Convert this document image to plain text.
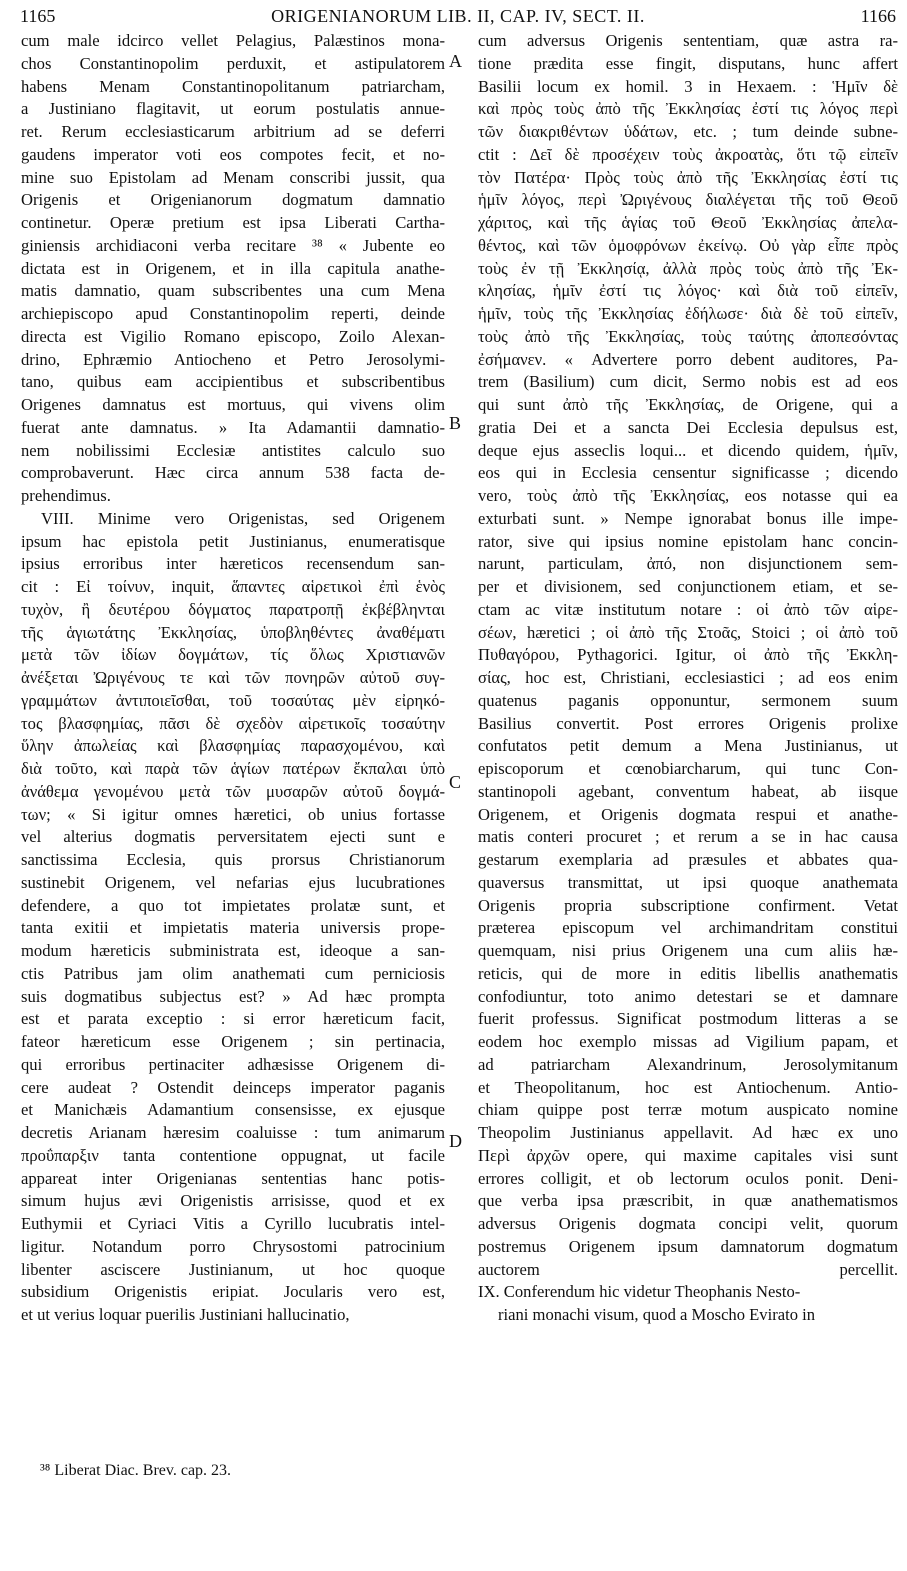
1165	ORIGENIANORUM LIB. II, CAP. IV, SECT. II.	1166
cum male idcirco vellet Pelagius, Palæstinos mona-
chos Constantinopolim perduxit, et astipulatorem
habens Menam Constantinopolitanum patriarcham,
a Justiniano flagitavit, ut eorum postulatis annue-
ret. Rerum ecclesiasticarum arbitrium ad se deferri
gaudens imperator voti eos compotes fecit, et no-
mine suo Epistolam ad Menam conscribi jussit, qua
Origenis et Origenianorum dogmatum damnatio
continetur. Operæ pretium est ipsa Liberati Cartha-
giniensis archidiaconi verba recitare ³⁸ « Jubente eo
dictata est in Origenem, et in illa capitula anathe-
matis damnatio, quam subscribentes una cum Mena
archiepiscopo apud Constantinopolim reperti, deinde
directa est Vigilio Romano episcopo, Zoilo Alexan-
drino, Ephræmio Antiocheno et Petro Jerosolymi-
tano, quibus eam accipientibus et subscribentibus
Origenes damnatus est mortuus, qui vivens olim
fuerat ante damnatus. » Ita Adamantii damnatio-
nem nobilissimi Ecclesiæ antistites calculo suo
comprobaverunt. Hæc circa annum 538 facta de-
prehendimus.
VIII. Minime vero Origenistas, sed Origenem
ipsum hac epistola petit Justinianus, enumeratisque
ipsius erroribus inter hæreticos recensendum san-
cit : Εἰ τοίνυν, inquit, ἅπαντες αἱρετικοὶ ἐπὶ ἑνὸς
τυχὸν, ἢ δευτέρου δόγματος παρατροπῇ ἐκβέβληνται
τῆς ἁγιωτάτης Ἐκκλησίας, ὑποβληθέντες ἀναθέματι
μετὰ τῶν ἰδίων δογμάτων, τίς ὅλως Χριστιανῶν
ἀνέξεται Ὠριγένους τε καὶ τῶν πονηρῶν αὐτοῦ συγ-
γραμμάτων ἀντιποιεῖσθαι, τοῦ τοσαύτας μὲν εἰρηκό-
τος βλασφημίας, πᾶσι δὲ σχεδὸν αἱρετικοῖς τοσαύτην
ὕλην ἀπωλείας καὶ βλασφημίας παρασχομένου, καὶ
διὰ τοῦτο, καὶ παρὰ τῶν ἁγίων πατέρων ἔκπαλαι ὑπὸ
ἀνάθεμα γενομένου μετὰ τῶν μυσαρῶν αὐτοῦ δογμά-
των; « Si igitur omnes hæretici, ob unius fortasse
vel alterius dogmatis perversitatem ejecti sunt e
sanctissima Ecclesia, quis prorsus Christianorum
sustinebit Origenem, vel nefarias ejus lucubrationes
defendere, a quo tot impietates prolatæ sunt, et
tanta exitii et impietatis materia universis prope-
modum hæreticis subministrata est, ideoque a san-
ctis Patribus jam olim anathemati cum perniciosis
suis dogmatibus subjectus est? » Ad hæc prompta
est et parata exceptio : si error hæreticum facit,
fateor hæreticum esse Origenem ; sin pertinacia,
qui erroribus pertinaciter adhæsisse Origenem di-
cere audeat ? Ostendit deinceps imperator paganis
et Manichæis Adamantium consensisse, ex ejusque
decretis Arianam hæresim coaluisse : tum animarum
προΰπαρξιν tanta contentione oppugnat, ut facile
appareat inter Origenianas sententias hanc potis-
simum hujus ævi Origenistis arrisisse, quod et ex
Euthymii et Cyriaci Vitis a Cyrillo lucubratis intel-
ligitur. Notandum porro Chrysostomi patrocinium
libenter asciscere Justinianum, ut hoc quoque
subsidium Origenistis eripiat. Jocularis vero est,
et ut verius loquar puerilis Justiniani hallucinatio,
cum adversus Origenis sententiam, quæ astra ra-
tione prædita esse fingit, disputans, hunc affert
Basilii locum ex homil. 3 in Hexaem. : Ἡμῖν δὲ
καὶ πρὸς τοὺς ἀπὸ τῆς Ἐκκλησίας ἐστί τις λόγος περὶ
τῶν διακριθέντων ὑδάτων, etc. ; tum deinde subne-
ctit : Δεῖ δὲ προσέχειν τοὺς ἀκροατὰς, ὅτι τῷ εἰπεῖν
τὸν Πατέρα· Πρὸς τοὺς ἀπὸ τῆς Ἐκκλησίας ἐστί τις
ἡμῖν λόγος, περὶ Ὠριγένους διαλέγεται τῆς τοῦ Θεοῦ
χάριτος, καὶ τῆς ἁγίας τοῦ Θεοῦ Ἐκκλησίας ἀπελα-
θέντος, καὶ τῶν ὁμοφρόνων ἐκείνῳ. Οὐ γὰρ εἶπε πρὸς
τοὺς ἐν τῇ Ἐκκλησίᾳ, ἀλλὰ πρὸς τοὺς ἀπὸ τῆς Ἐκ-
κλησίας, ἡμῖν ἐστί τις λόγος· καὶ διὰ τοῦ εἰπεῖν,
ἡμῖν, τοὺς τῆς Ἐκκλησίας ἐδήλωσε· διὰ δὲ τοῦ εἰπεῖν,
τοὺς ἀπὸ τῆς Ἐκκλησίας, τοὺς ταύτης ἀποπεσόντας
ἐσήμανεν. « Advertere porro debent auditores, Pa-
trem (Basilium) cum dicit, Sermo nobis est ad eos
qui sunt ἀπὸ τῆς Ἐκκλησίας, de Origene, qui a
gratia Dei et a sancta Dei Ecclesia depulsus est,
deque ejus asseclis loqui... et dicendo quidem, ἡμῖν,
eos qui in Ecclesia censentur significasse ; dicendo
vero, τοὺς ἀπὸ τῆς Ἐκκλησίας, eos notasse qui ea
exturbati sunt. » Nempe ignorabat bonus ille impe-
rator, sive qui ipsius nomine epistolam hanc concin-
narunt, particulam, ἀπό, non disjunctionem sem-
per et divisionem, sed conjunctionem etiam, et se-
ctam ac vitæ institutum notare : οἱ ἀπὸ τῶν αἱρε-
σέων, hæretici ; οἱ ἀπὸ τῆς Στοᾶς, Stoici ; οἱ ἀπὸ τοῦ
Πυθαγόρου, Pythagorici. Igitur, οἱ ἀπὸ τῆς Ἐκκλη-
σίας, hoc est, Christiani, ecclesiastici ; ad eos enim
quatenus paganis opponuntur, sermonem suum
Basilius convertit. Post errores Origenis prolixe
confutatos petit demum a Mena Justinianus, ut
episcoporum et cœnobiarcharum, qui tunc Con-
stantinopoli agebant, conventum habeat, ab iisque
Origenem, et Origenis dogmata respui et anathe-
matis conteri procuret ; et rerum a se in hac causa
gestarum exemplaria ad præsules et abbates qua-
quaversus transmittat, ut ipsi quoque anathemata
Origenis propria subscriptione confirment. Vetat
præterea episcopum vel archimandritam constitui
quemquam, nisi prius Origenem una cum aliis hæ-
reticis, qui de more in editis libellis anathematis
confodiuntur, toto animo detestari se et damnare
fuerit professus. Significat postmodum litteras a se
eodem hoc exemplo missas ad Vigilium papam, et
ad patriarcham Alexandrinum, Jerosolymitanum
et Theopolitanum, hoc est Antiochenum. Antio-
chiam quippe post terræ motum auspicato nomine
Theopolim Justinianus appellavit. Ad hæc ex uno
Περὶ ἀρχῶν opere, qui maxime capitales visi sunt
errores colligit, et ob lectorum oculos ponit. Deni-
que verba ipsa præscribit, in quæ anathematismos
adversus Origenis dogmata concipi velit, quorum
postremus Origenem ipsum damnatorum dogmatum
auctorem percellit.
IX. Conferendum hic videtur Theophanis Nesto-
riani monachi visum, quod a Moscho Evirato in
A
B
C
D
³⁸ Liberat Diac. Brev. cap. 23.
